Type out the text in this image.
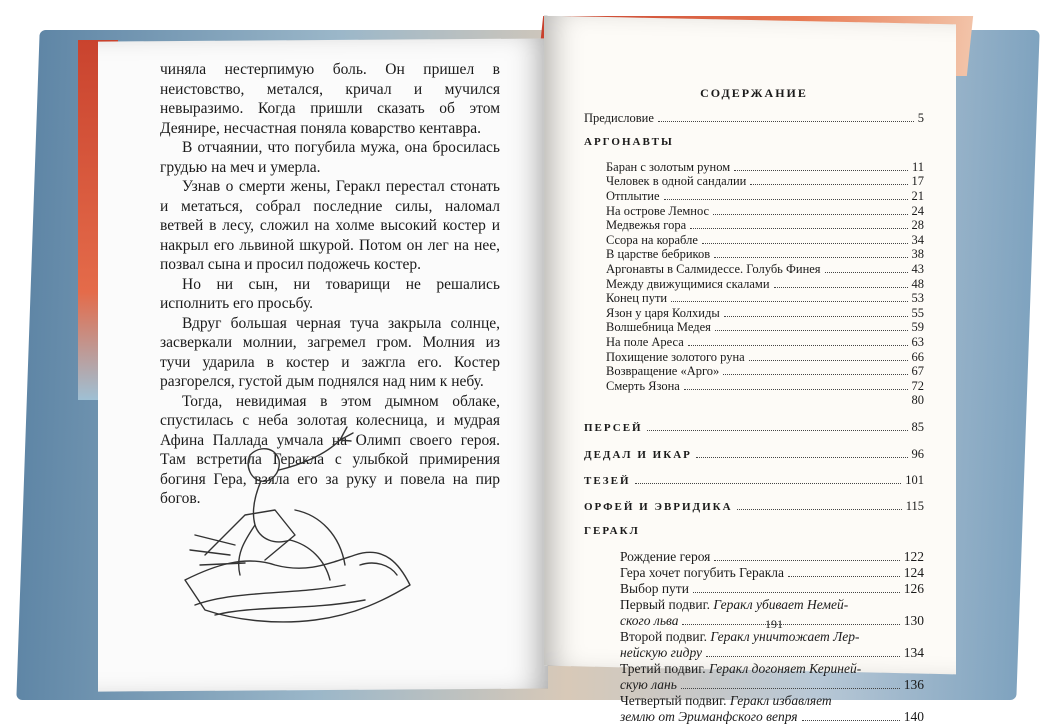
чиняла нестерпимую боль. Он пришел в неистовство, метался, кричал и мучился невыразимо. Когда пришли сказать об этом Деянире, несчастная поняла коварство кентавра.

В отчаянии, что погубила мужа, она бросилась грудью на меч и умерла.

Узнав о смерти жены, Геракл перестал стонать и метаться, собрал последние силы, наломал ветвей в лесу, сложил на холме высокий костер и накрыл его львиной шкурой. Потом он лег на нее, позвал сына и просил подожечь костер.

Но ни сын, ни товарищи не решались исполнить его просьбу.

Вдруг большая черная туча закрыла солнце, засверкали молнии, загремел гром. Молния из тучи ударила в костер и зажгла его. Костер разгорелся, густой дым поднялся над ним к небу.

Тогда, невидимая в этом дымном облаке, спустилась с неба золотая колесница, и мудрая Афина Паллада умчала на Олимп своего героя. Там встретила Геракла с улыбкой примирения богиня Гера, взяла его за руку и повела на пир богов.

СОДЕРЖАНИЕ
Предисловие	5
АРГОНАВТЫ
Баран с золотым руном	11
Человек в одной сандалии	17
Отплытие	21
На острове Лемнос	24
Медвежья гора	28
Ссора на корабле	34
В царстве бебриков	38
Аргонавты в Салмидессе. Голубь Финея	43
Между движущимися скалами	48
Конец пути	53
Язон у царя Колхиды	55
Волшебница Медея	59
На поле Ареса	63
Похищение золотого руна	66
Возвращение «Арго»	67
Смерть Язона	72
80
ПЕРСЕЙ	85
ДЕДАЛ И ИКАР	96
ТЕЗЕЙ	101
ОРФЕЙ И ЭВРИДИКА	115
ГЕРАКЛ
Рождение героя	122
Гера хочет погубить Геракла	124
Выбор пути	126
Первый подвиг. Геракл убивает Немей-
ского льва	130
Второй подвиг. Геракл уничтожает Лер-
нейскую гидру	134
Третий подвиг. Геракл догоняет Кериней-
скую лань	136
Четвертый подвиг. Геракл избавляет
землю от Эриманфского вепря	140
191
